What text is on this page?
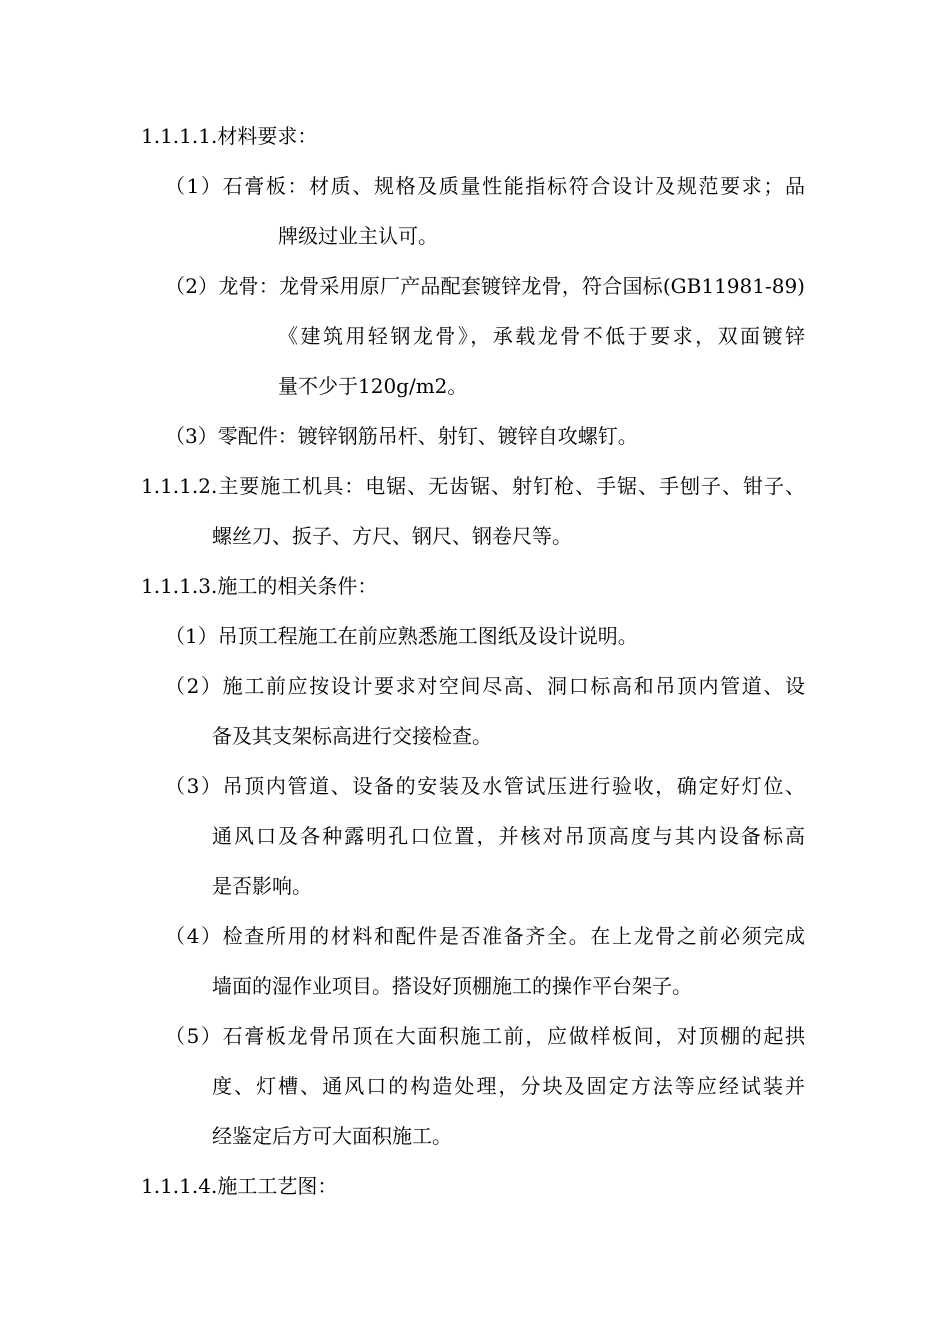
1.1.1.1.材料要求：
（1）石膏板：材质、规格及质量性能指标符合设计及规范要求；品
牌级过业主认可。
（2）龙骨：龙骨采用原厂产品配套镀锌龙骨，符合国标(GB11981-89)
《建筑用轻钢龙骨》，承载龙骨不低于要求，双面镀锌
量不少于120g/m2。
（3）零配件：镀锌钢筋吊杆、射钉、镀锌自攻螺钉。
1.1.1.2.主要施工机具：电锯、无齿锯、射钉枪、手锯、手刨子、钳子、
螺丝刀、扳子、方尺、钢尺、钢卷尺等。
1.1.1.3.施工的相关条件：
（1）吊顶工程施工在前应熟悉施工图纸及设计说明。
（2）施工前应按设计要求对空间尽高、洞口标高和吊顶内管道、设
备及其支架标高进行交接检查。
（3）吊顶内管道、设备的安装及水管试压进行验收，确定好灯位、
通风口及各种露明孔口位置，并核对吊顶高度与其内设备标高
是否影响。
（4）检查所用的材料和配件是否准备齐全。在上龙骨之前必须完成
墙面的湿作业项目。搭设好顶棚施工的操作平台架子。
（5）石膏板龙骨吊顶在大面积施工前，应做样板间，对顶棚的起拱
度、灯槽、通风口的构造处理，分块及固定方法等应经试装并
经鉴定后方可大面积施工。
1.1.1.4.施工工艺图：
